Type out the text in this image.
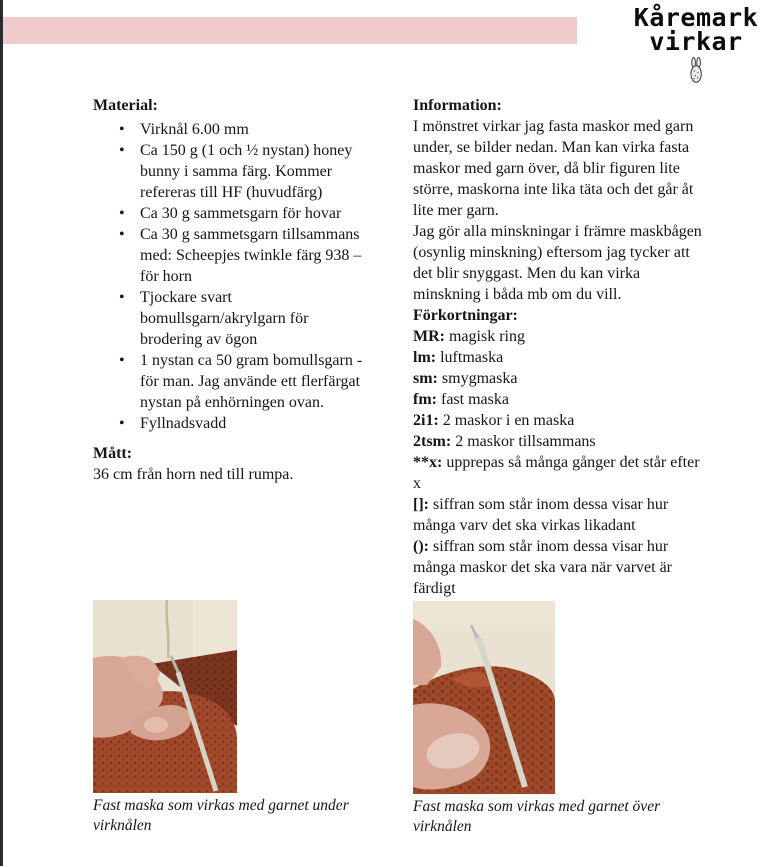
Kåremark
virkar
Material:
• Virknål 6.00 mm
• Ca 150 g (1 och ½ nystan) honey bunny i samma färg. Kommer refereras till HF (huvudfärg)
• Ca 30 g sammetsgarn för hovar
• Ca 30 g sammetsgarn tillsammans med: Scheepjes twinkle färg 938 – för horn
• Tjockare svart bomullsgarn/akrylgarn för brodering av ögon
• 1 nystan ca 50 gram bomullsgarn - för man. Jag använde ett flerfärgat nystan på enhörningen ovan.
• Fyllnadsvadd
Mått:
36 cm från horn ned till rumpa.
Information:
I mönstret virkar jag fasta maskor med garn under, se bilder nedan. Man kan virka fasta maskor med garn över, då blir figuren lite större, maskorna inte lika täta och det går åt lite mer garn.
Jag gör alla minskningar i främre maskbågen (osynlig minskning) eftersom jag tycker att det blir snyggast. Men du kan virka minskning i båda mb om du vill.
Förkortningar:
MR: magisk ring
lm: luftmaska
sm: smygmaska
fm: fast maska
2i1: 2 maskor i en maska
2tsm: 2 maskor tillsammans
**x: upprepas så många gånger det står efter x
[]: siffran som står inom dessa visar hur många varv det ska virkas likadant
(): siffran som står inom dessa visar hur många maskor det ska vara när varvet är färdigt
Fast maska som virkas med garnet under virknålen
Fast maska som virkas med garnet över virknålen
